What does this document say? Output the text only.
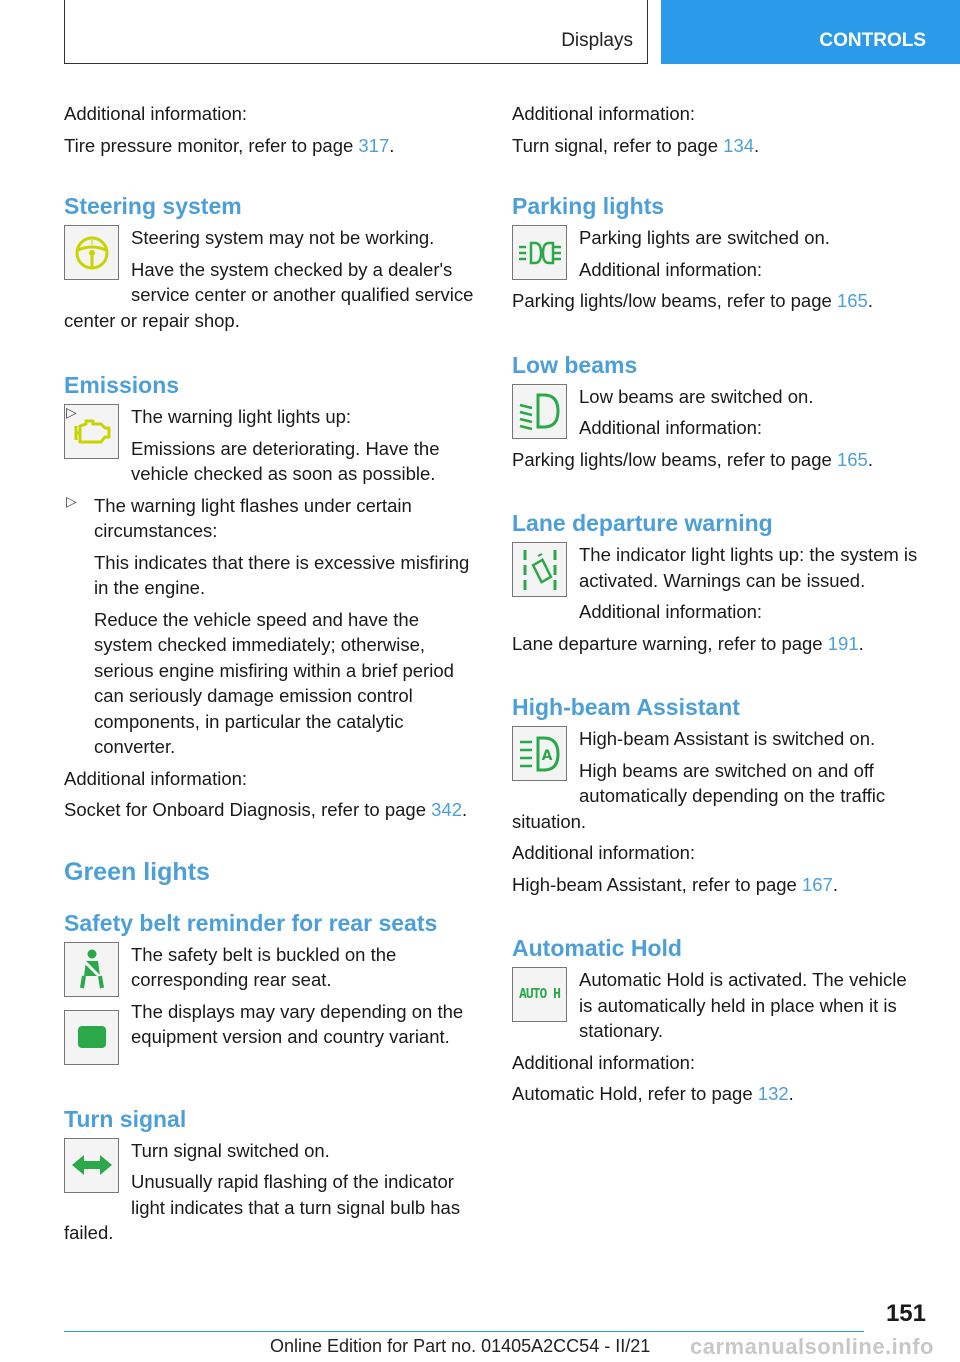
Displays	CONTROLS

Additional information:

Tire pressure monitor, refer to page 317.

Steering system
!	Steering system may not be working.

Have the system checked by a dealer's service center or another qualified service center or repair shop.

Emissions
▷	The warning light lights up:

Emissions are deteriorating. Have the vehicle checked as soon as possible.

▷ The warning light flashes under certain circumstances:

This indicates that there is excessive misfiring in the engine.

Reduce the vehicle speed and have the system checked immediately; otherwise, serious engine misfiring within a brief period can seriously damage emission control components, in particular the catalytic converter.

Additional information:

Socket for Onboard Diagnosis, refer to page 342.

Green lights
Safety belt reminder for rear seats

The safety belt is buckled on the corresponding rear seat.

The displays may vary depending on the equipment version and country variant.

Turn signal

Turn signal switched on.

Unusually rapid flashing of the indicator light indicates that a turn signal bulb has failed.

Additional information:

Turn signal, refer to page 134.

Parking lights

Parking lights are switched on.

Additional information:

Parking lights/low beams, refer to page 165.

Low beams

Low beams are switched on.

Additional information:

Parking lights/low beams, refer to page 165.

Lane departure warning

The indicator light lights up: the system is activated. Warnings can be issued.

Additional information:

Lane departure warning, refer to page 191.

High-beam Assistant
A

High-beam Assistant is switched on.

High beams are switched on and off automatically depending on the traffic situation.

Additional information:

High-beam Assistant, refer to page 167.

Automatic Hold
AUTO H

Automatic Hold is activated. The vehicle is automatically held in place when it is stationary.

Additional information:

Automatic Hold, refer to page 132.

151
Online Edition for Part no. 01405A2CC54 - II/21 carmanualsonline.info
